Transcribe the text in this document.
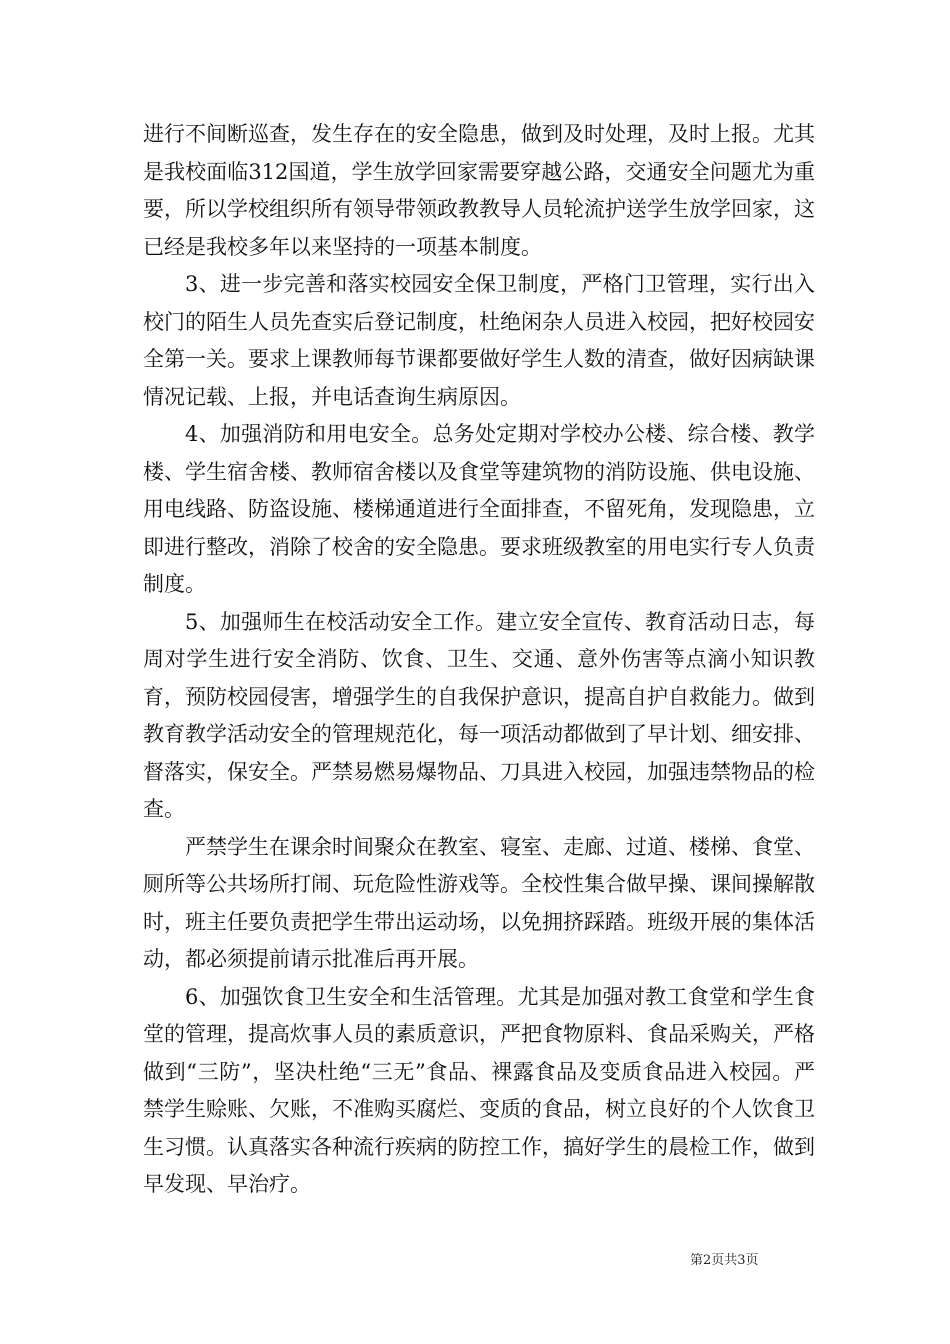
进行不间断巡查，发生存在的安全隐患，做到及时处理，及时上报。尤其是我校面临312国道，学生放学回家需要穿越公路，交通安全问题尤为重要，所以学校组织所有领导带领政教教导人员轮流护送学生放学回家，这已经是我校多年以来坚持的一项基本制度。

3、进一步完善和落实校园安全保卫制度，严格门卫管理，实行出入校门的陌生人员先查实后登记制度，杜绝闲杂人员进入校园，把好校园安全第一关。要求上课教师每节课都要做好学生人数的清查，做好因病缺课情况记载、上报，并电话查询生病原因。

4、加强消防和用电安全。总务处定期对学校办公楼、综合楼、教学楼、学生宿舍楼、教师宿舍楼以及食堂等建筑物的消防设施、供电设施、用电线路、防盗设施、楼梯通道进行全面排查，不留死角，发现隐患，立即进行整改，消除了校舍的安全隐患。要求班级教室的用电实行专人负责制度。

5、加强师生在校活动安全工作。建立安全宣传、教育活动日志，每周对学生进行安全消防、饮食、卫生、交通、意外伤害等点滴小知识教育，预防校园侵害，增强学生的自我保护意识，提高自护自救能力。做到教育教学活动安全的管理规范化，每一项活动都做到了早计划、细安排、督落实，保安全。严禁易燃易爆物品、刀具进入校园，加强违禁物品的检查。

严禁学生在课余时间聚众在教室、寝室、走廊、过道、楼梯、食堂、厕所等公共场所打闹、玩危险性游戏等。全校性集合做早操、课间操解散时，班主任要负责把学生带出运动场，以免拥挤踩踏。班级开展的集体活动，都必须提前请示批准后再开展。

6、加强饮食卫生安全和生活管理。尤其是加强对教工食堂和学生食堂的管理，提高炊事人员的素质意识，严把食物原料、食品采购关，严格做到“三防”，坚决杜绝“三无”食品、裸露食品及变质食品进入校园。严禁学生赊账、欠账，不准购买腐烂、变质的食品，树立良好的个人饮食卫生习惯。认真落实各种流行疾病的防控工作，搞好学生的晨检工作，做到早发现、早治疗。

第2页共3页
